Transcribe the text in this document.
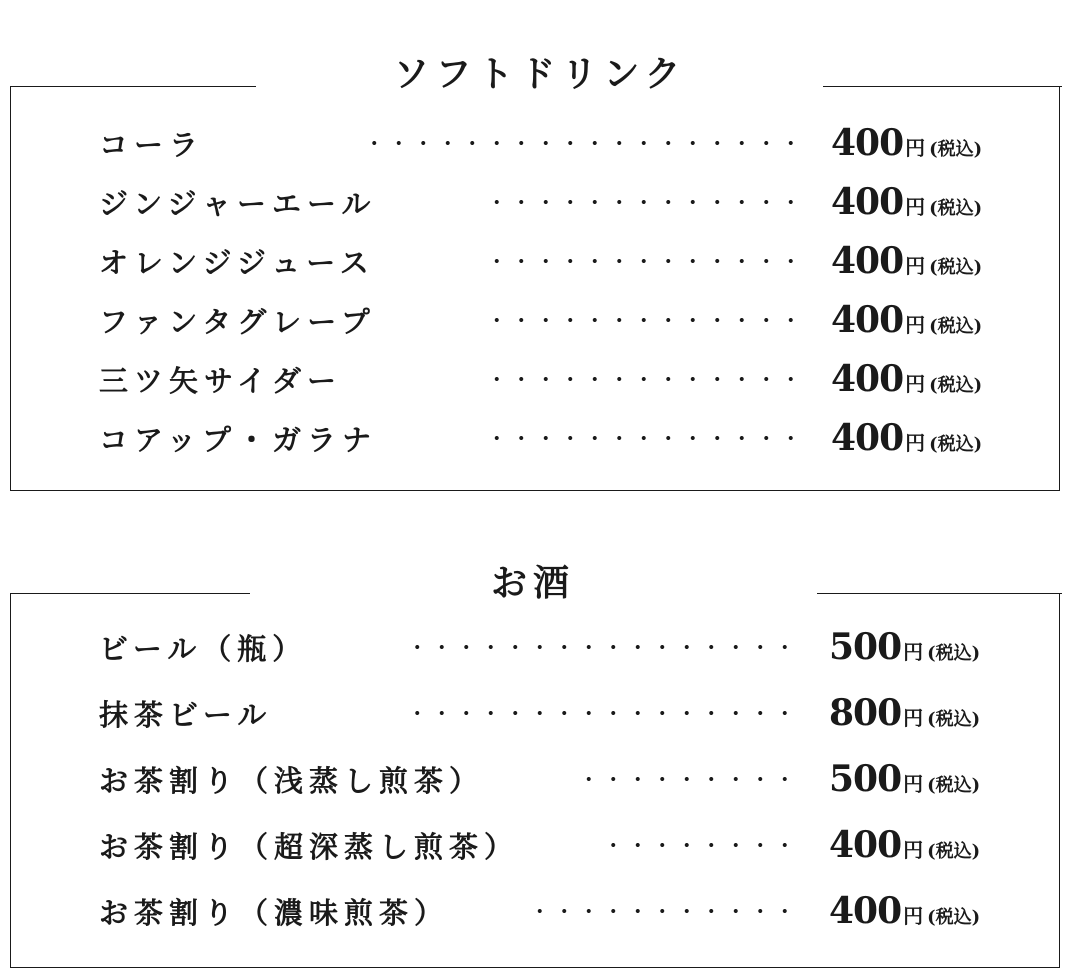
ソフトドリンク
コーラ	400 円 (税込)
ジンジャーエール	400 円 (税込)
オレンジジュース	400 円 (税込)
ファンタグレープ	400 円 (税込)
三ツ矢サイダー	400 円 (税込)
コアップ・ガラナ	400 円 (税込)
お酒
ビール（瓶）	500 円 (税込)
抹茶ビール	800 円 (税込)
お茶割り（浅蒸し煎茶）	500 円 (税込)
お茶割り（超深蒸し煎茶）	400 円 (税込)
お茶割り（濃味煎茶）	400 円 (税込)
